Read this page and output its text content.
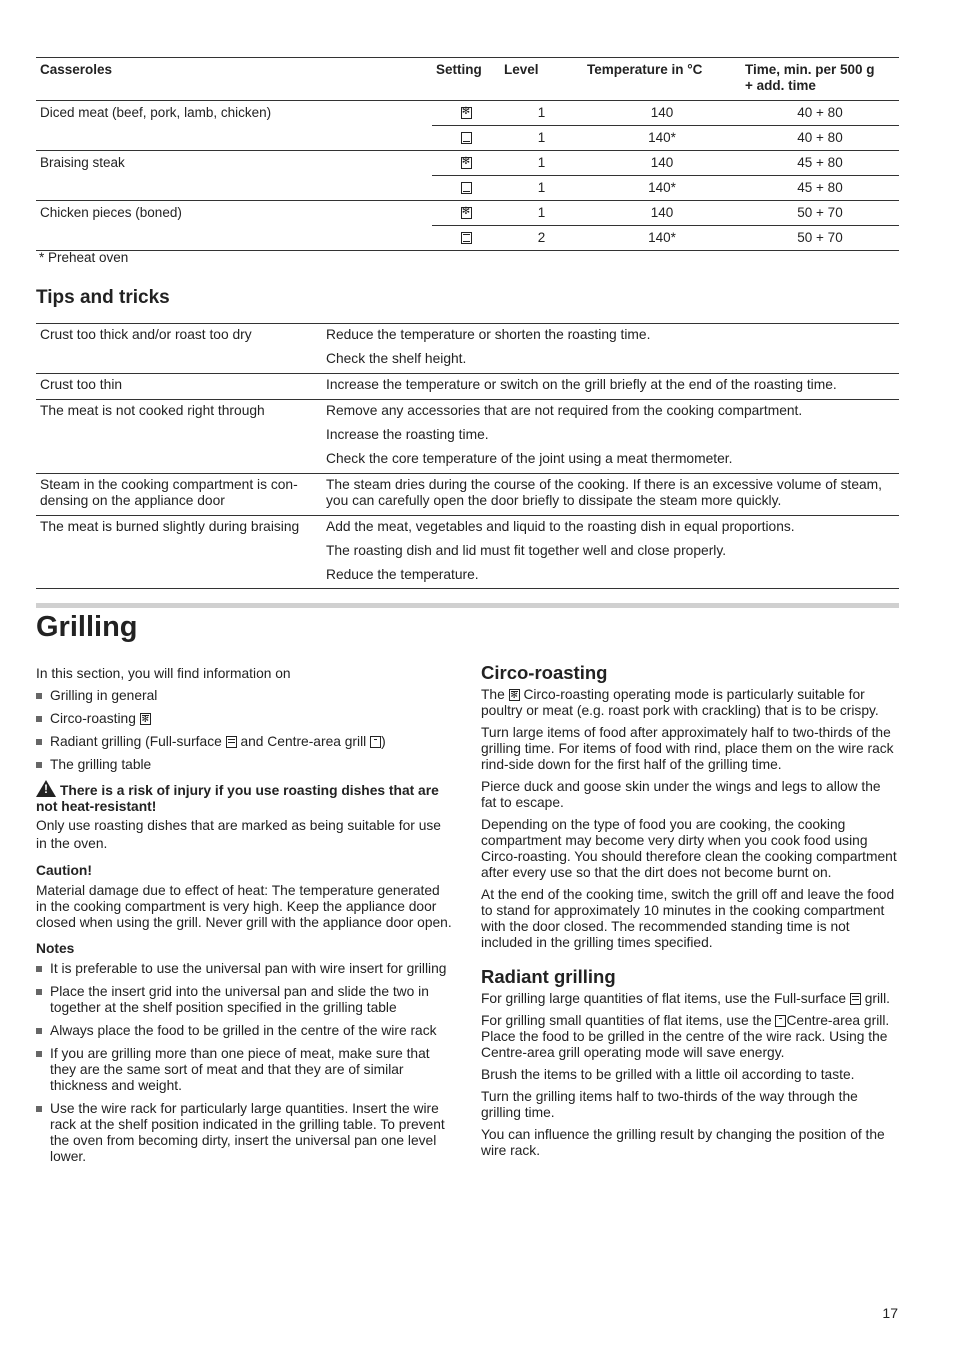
Casseroles	Setting	Level	Temperature in °C	Time, min. per 500 g
+ add. time
Diced meat (beef, pork, lamb, chicken)	✻	1	140	40 + 80
		1	140*	40 + 80
Braising steak	✻	1	140	45 + 80
		1	140*	45 + 80
Chicken pieces (boned)	✻	1	140	50 + 70
		2	140*	50 + 70
* Preheat oven
Tips and tricks
Crust too thick and/or roast too dry	Reduce the temperature or shorten the roasting time.
	Check the shelf height.
Crust too thin	Increase the temperature or switch on the grill briefly at the end of the roasting time.
The meat is not cooked right through	Remove any accessories that are not required from the cooking compartment.
	Increase the roasting time.
	Check the core temperature of the joint using a meat thermometer.
Steam in the cooking compartment is con-densing on the appliance door	The steam dries during the course of the cooking. If there is an excessive volume of steam, you can carefully open the door briefly to dissipate the steam more quickly.
The meat is burned slightly during braising	Add the meat, vegetables and liquid to the roasting dish in equal proportions.
	The roasting dish and lid must fit together well and close properly.
	Reduce the temperature.
Grilling

In this section, you will find information on

Grilling in general
Circo-roasting ✻
Radiant grilling (Full-surface and Centre-area grill )
The grilling table
!There is a risk of injury if you use roasting dishes that are not heat-resistant!

Only use roasting dishes that are marked as being suitable for use in the oven.

Caution!

Material damage due to effect of heat: The temperature generated in the cooking compartment is very high. Keep the appliance door closed when using the grill. Never grill with the appliance door open.

Notes
It is preferable to use the universal pan with wire insert for grilling
Place the insert grid into the universal pan and slide the two in together at the shelf position specified in the grilling table
Always place the food to be grilled in the centre of the wire rack
If you are grilling more than one piece of meat, make sure that they are the same sort of meat and that they are of similar thickness and weight.
Use the wire rack for particularly large quantities. Insert the wire rack at the shelf position indicated in the grilling table. To prevent the oven from becoming dirty, insert the universal pan one level lower.
Circo-roasting

The ✻ Circo-roasting operating mode is particularly suitable for poultry or meat (e.g. roast pork with crackling) that is to be crispy.

Turn large items of food after approximately half to two-thirds of the grilling time. For items of food with rind, place them on the wire rack rind-side down for the first half of the grilling time.

Pierce duck and goose skin under the wings and legs to allow the fat to escape.

Depending on the type of food you are cooking, the cooking compartment may become very dirty when you cook food using Circo-roasting. You should therefore clean the cooking compartment after every use so that the dirt does not become burnt on.

At the end of the cooking time, switch the grill off and leave the food to stand for approximately 10 minutes in the cooking compartment with the door closed. The recommended standing time is not included in the grilling times specified.

Radiant grilling

For grilling large quantities of flat items, use the Full-surface grill.

For grilling small quantities of flat items, use the Centre-area grill. Place the food to be grilled in the centre of the wire rack. Using the Centre-area grill operating mode will save energy.

Brush the items to be grilled with a little oil according to taste.

Turn the grilling items half to two-thirds of the way through the grilling time.

You can influence the grilling result by changing the position of the wire rack.

17
